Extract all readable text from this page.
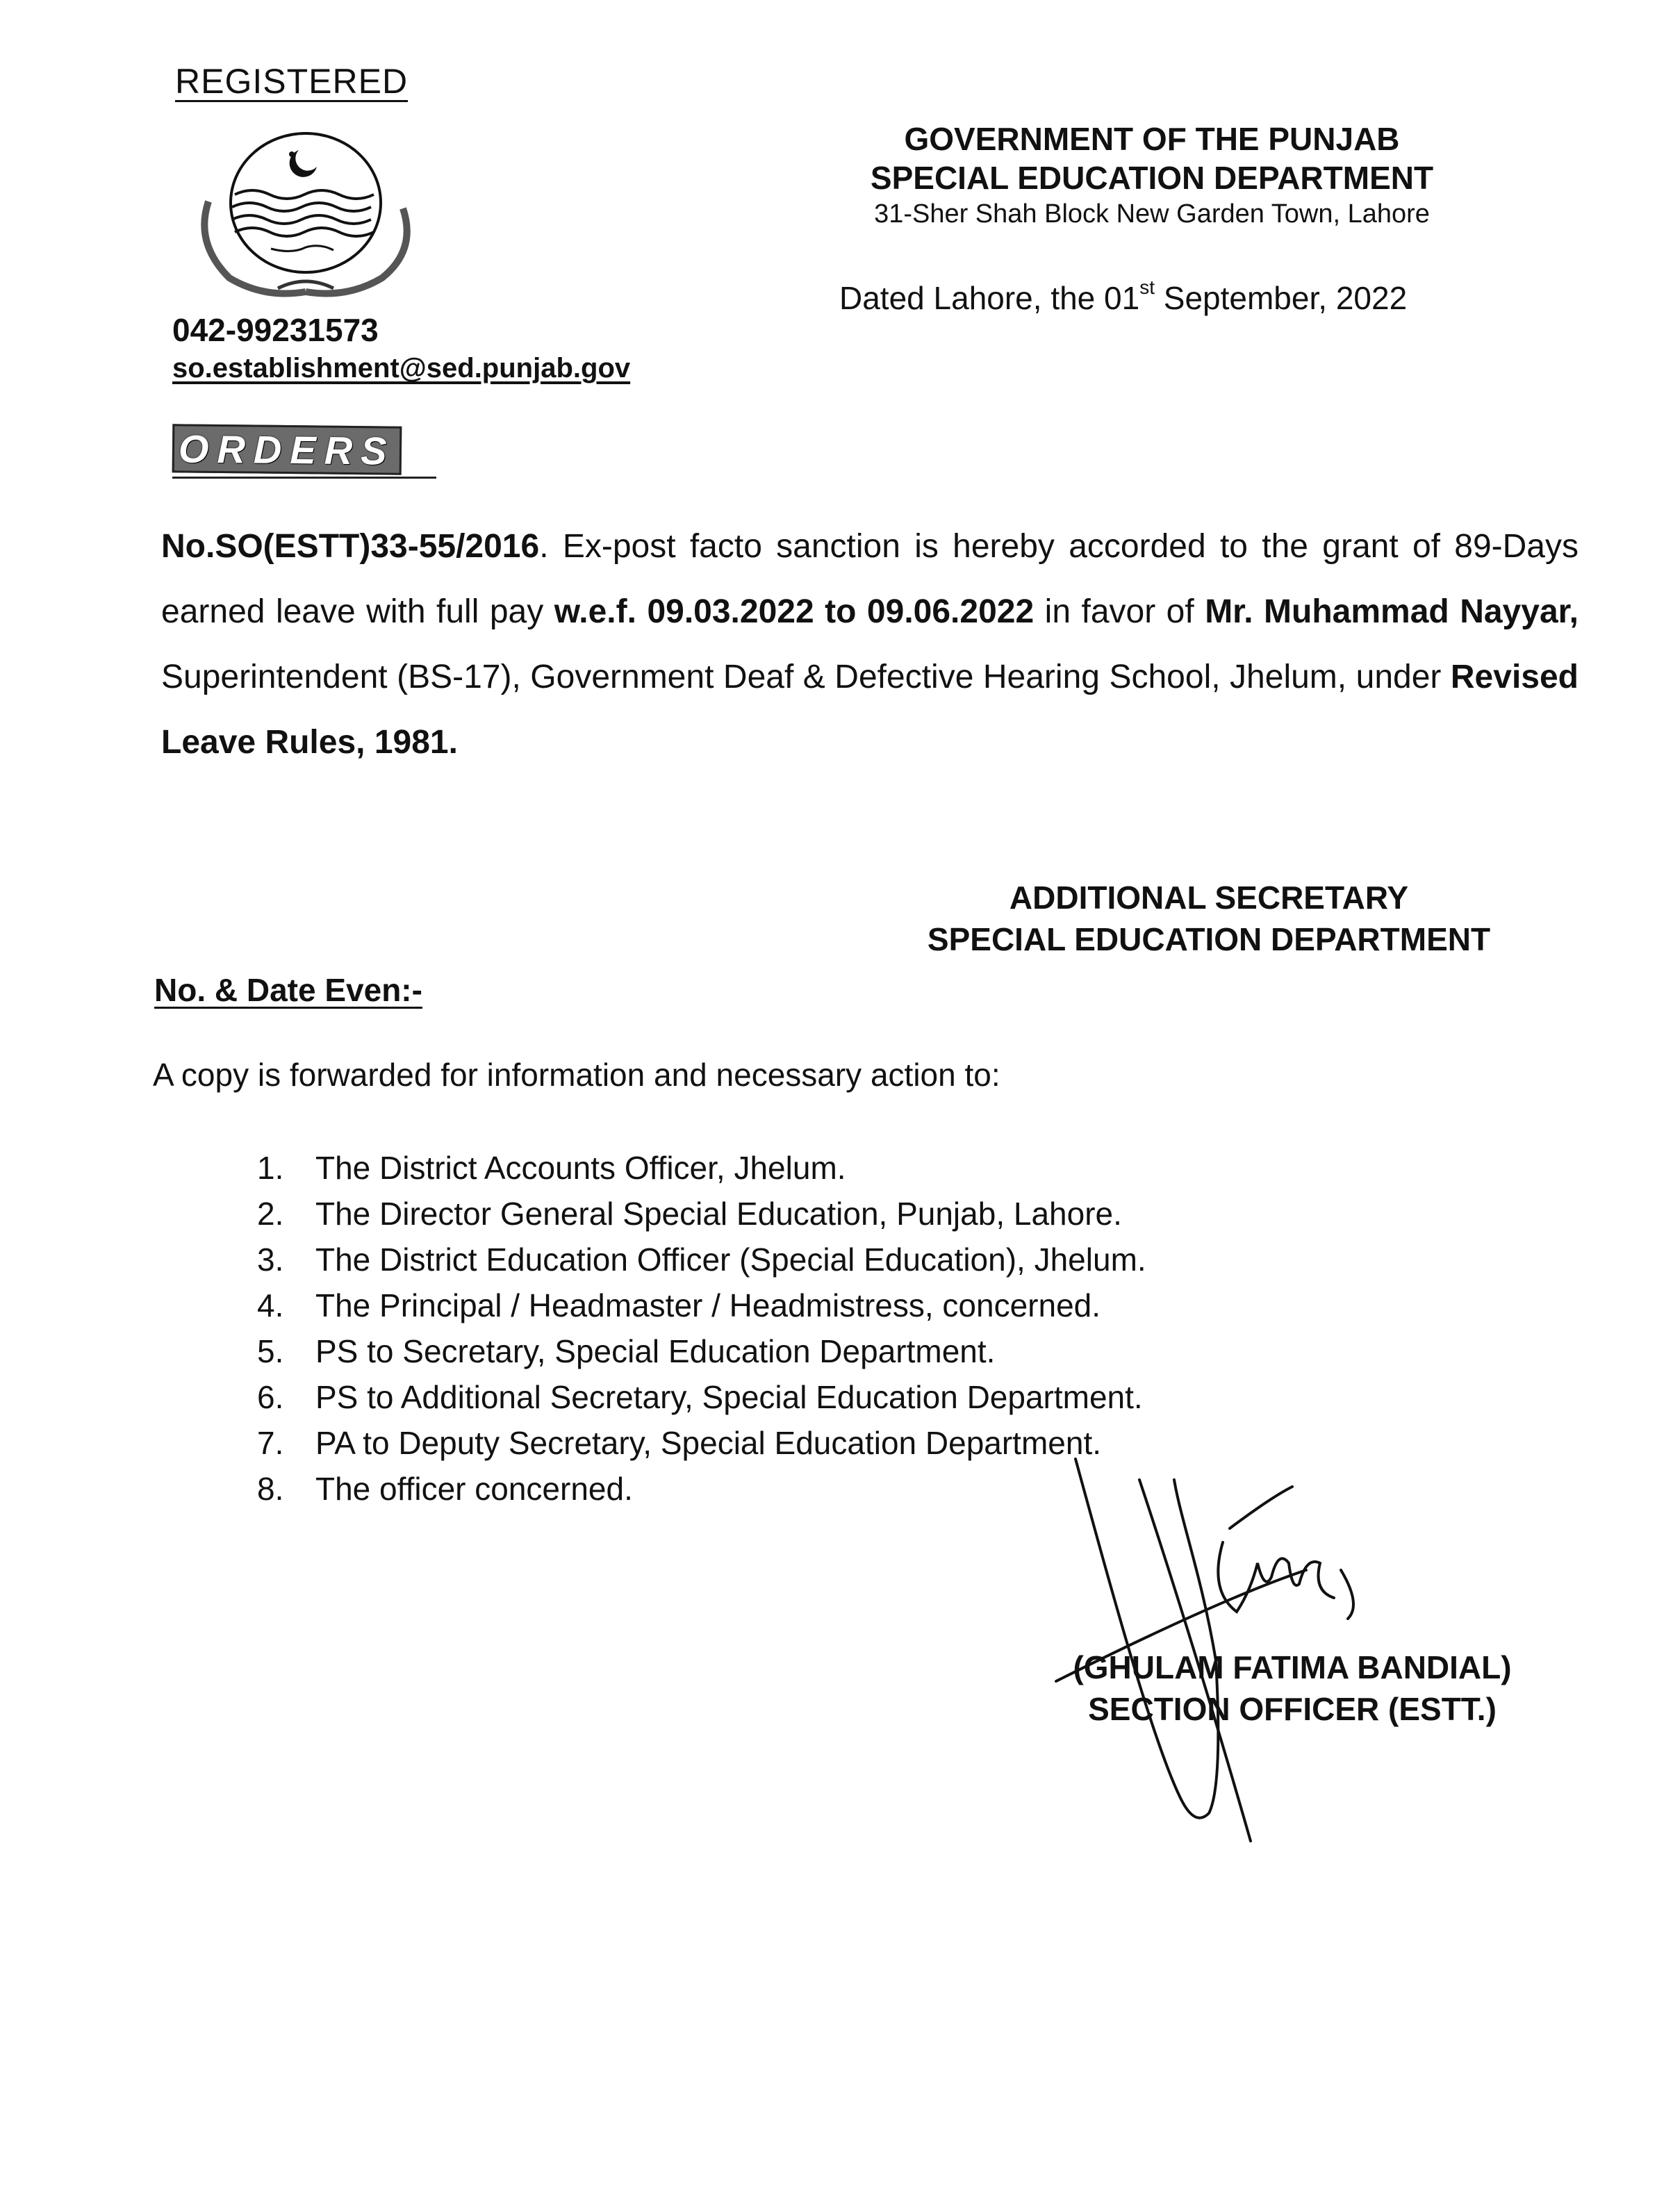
REGISTERED
042-99231573
so.establishment@sed.punjab.gov
GOVERNMENT OF THE PUNJAB
SPECIAL EDUCATION DEPARTMENT
31-Sher Shah Block New Garden Town, Lahore
Dated Lahore, the 01st September, 2022
ORDERS
No.SO(ESTT)33-55/2016. Ex-post facto sanction is hereby accorded to the grant of 89-Days earned leave with full pay w.e.f. 09.03.2022 to 09.06.2022 in favor of Mr. Muhammad Nayyar, Superintendent (BS-17), Government Deaf & Defective Hearing School, Jhelum, under Revised Leave Rules, 1981.
ADDITIONAL SECRETARY
SPECIAL EDUCATION DEPARTMENT
No. & Date Even:-
A copy is forwarded for information and necessary action to:
1. The District Accounts Officer, Jhelum.
2. The Director General Special Education, Punjab, Lahore.
3. The District Education Officer (Special Education), Jhelum.
4. The Principal / Headmaster / Headmistress, concerned.
5. PS to Secretary, Special Education Department.
6. PS to Additional Secretary, Special Education Department.
7. PA to Deputy Secretary, Special Education Department.
8. The officer concerned.
(GHULAM FATIMA BANDIAL)
SECTION OFFICER (ESTT.)
